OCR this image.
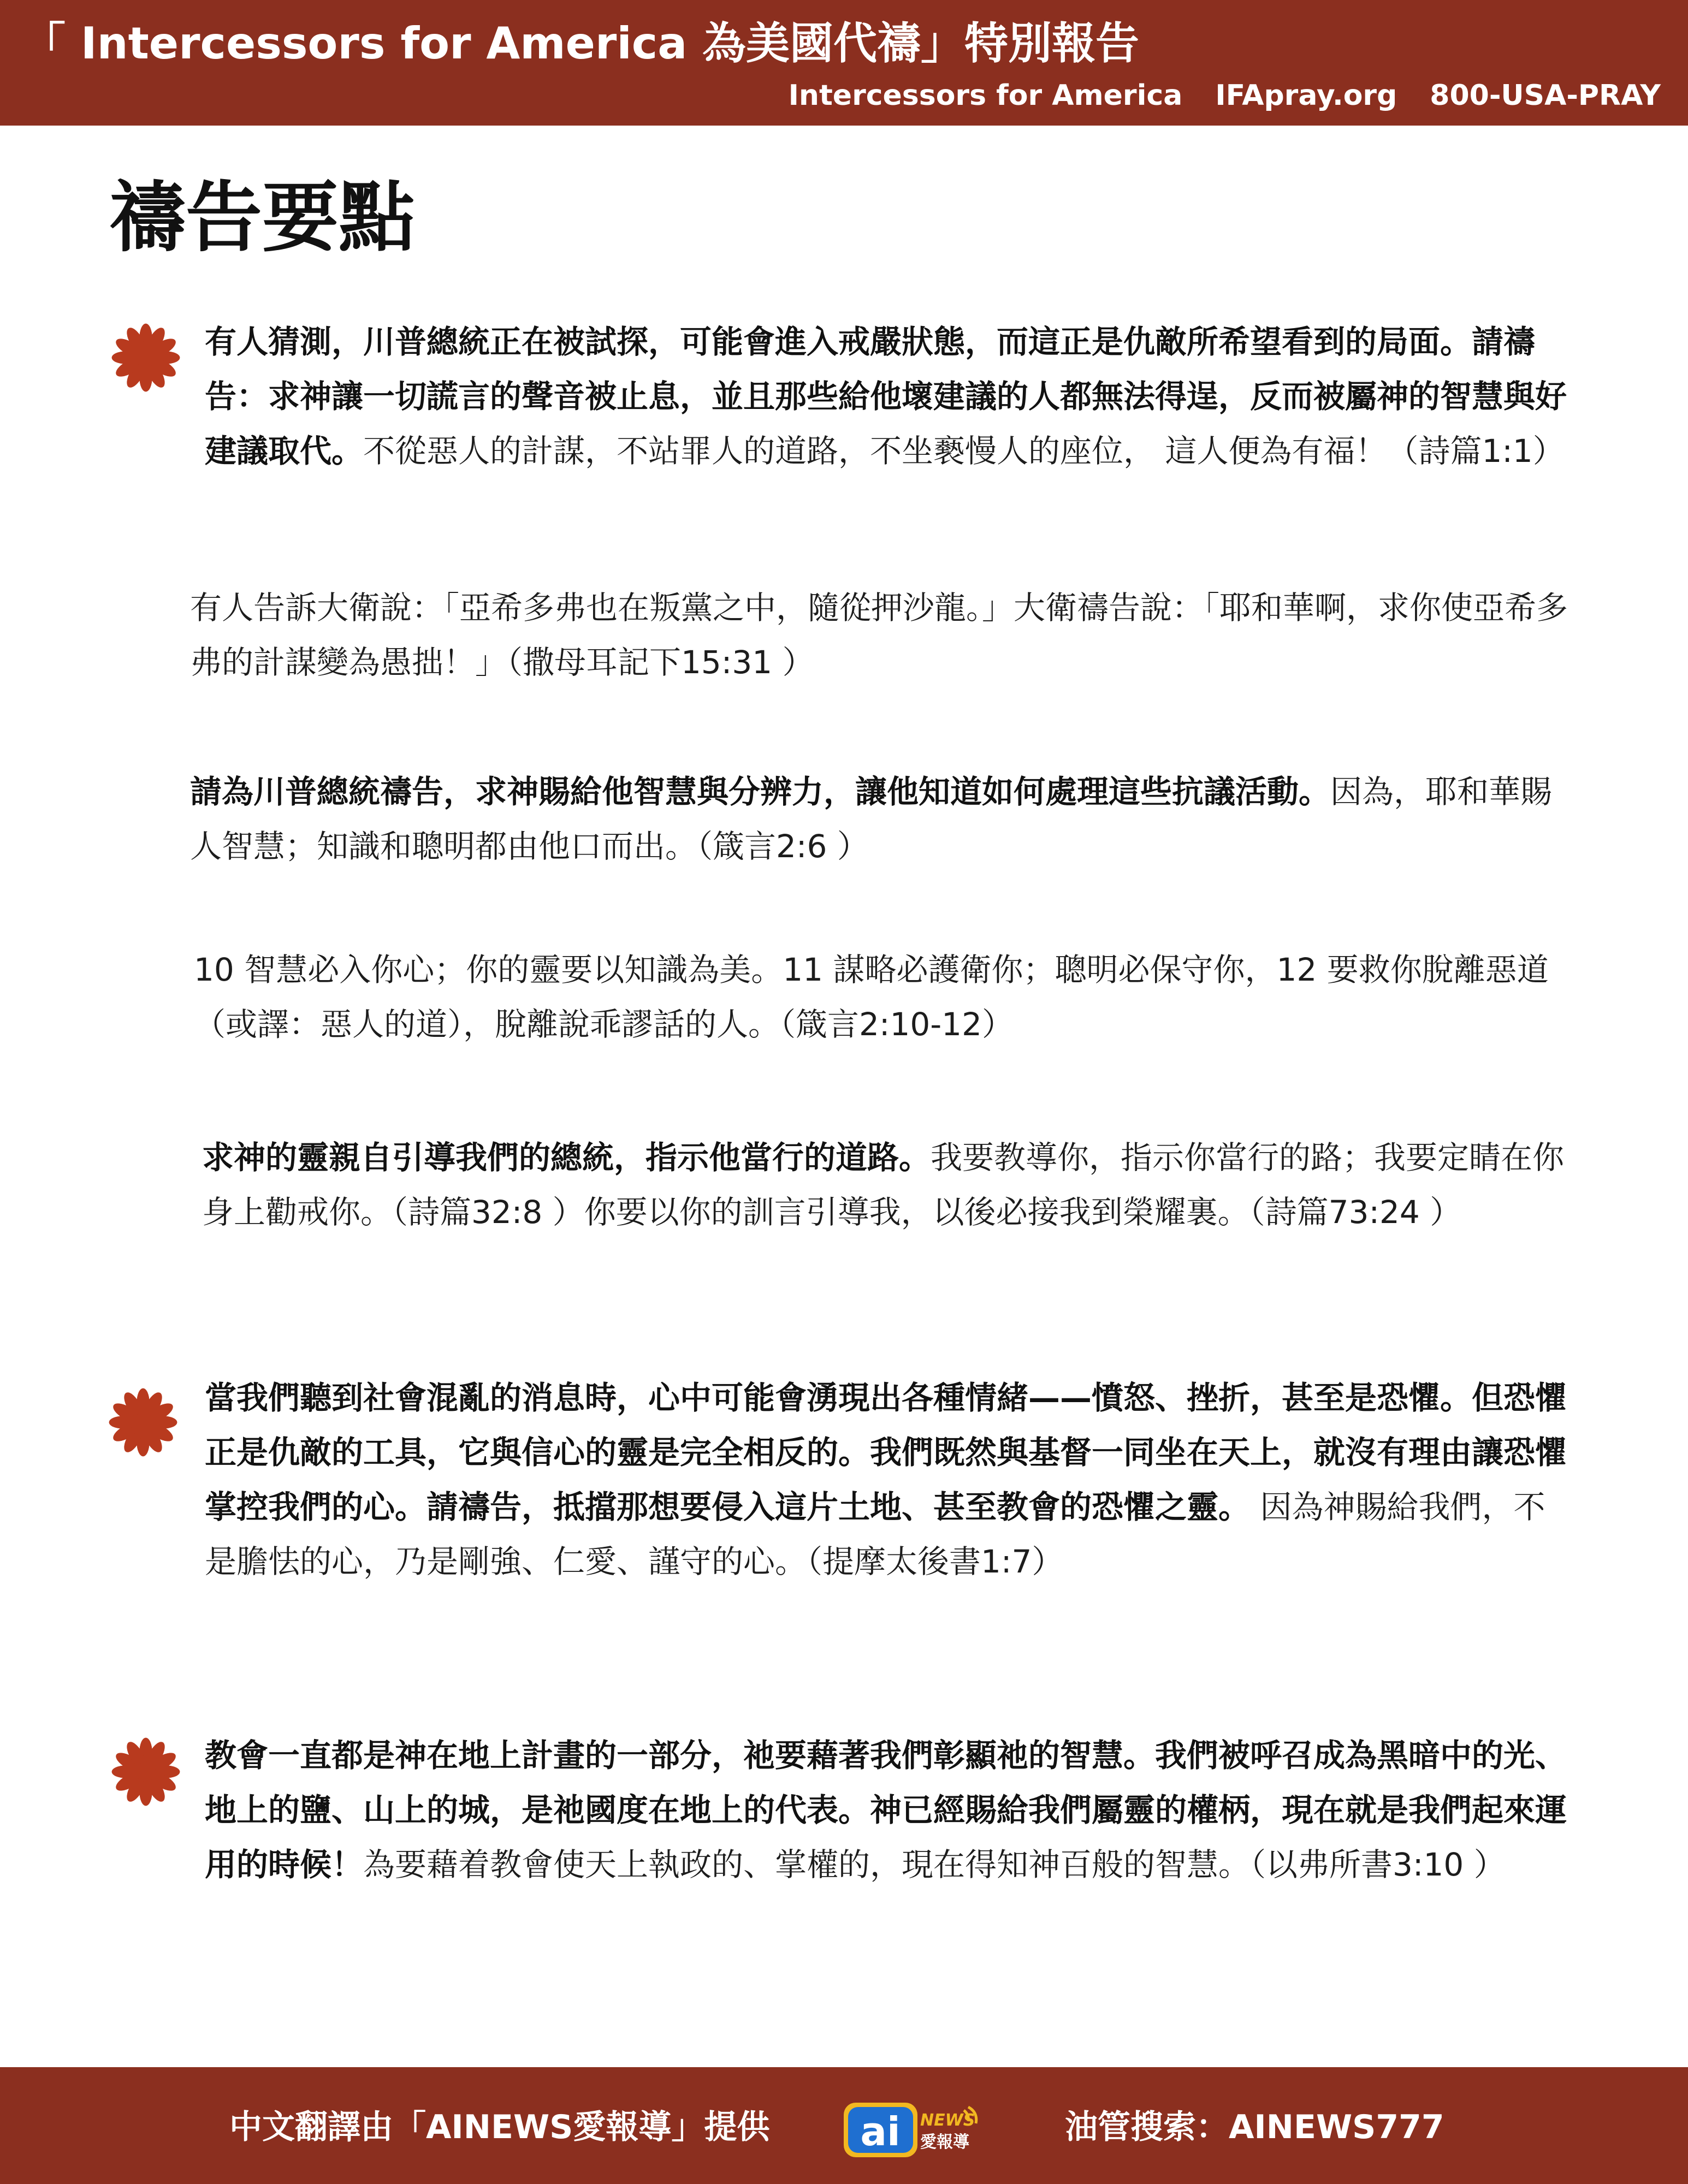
「 Intercessors for America 為美國代禱」特別報告
Intercessors for America IFApray.org 800-USA-PRAY
禱告要點
有人猜測，川普總統正在被試探，可能會進入戒嚴狀態，而這正是仇敵所希望看到的局面。請禱告：求神讓一切謊言的聲音被止息，並且那些給他壞建議的人都無法得逞，反而被屬神的智慧與好建議取代。不從惡人的計謀，不站罪人的道路，不坐褻慢人的座位， 這人便為有福！（詩篇1:1）
有人告訴大衛說：「亞希多弗也在叛黨之中，隨從押沙龍。」大衛禱告說：「耶和華啊，求你使亞希多弗的計謀變為愚拙！」（撒母耳記下15:31 ）
請為川普總統禱告，求神賜給他智慧與分辨力，讓他知道如何處理這些抗議活動。因為，耶和華賜人智慧；知識和聰明都由他口而出。（箴言2:6 ）
10 智慧必入你心；你的靈要以知識為美。11 謀略必護衛你；聰明必保守你，12 要救你脫離惡道（或譯：惡人的道），脫離說乖謬話的人。（箴言2:10-12）
求神的靈親自引導我們的總統，指示他當行的道路。我要教導你，指示你當行的路；我要定睛在你身上勸戒你。（詩篇32:8 ）你要以你的訓言引導我，以後必接我到榮耀裏。（詩篇73:24 ）
當我們聽到社會混亂的消息時，心中可能會湧現出各種情緒——憤怒、挫折，甚至是恐懼。但恐懼正是仇敵的工具，它與信心的靈是完全相反的。我們既然與基督一同坐在天上，就沒有理由讓恐懼掌控我們的心。請禱告，抵擋那想要侵入這片土地、甚至教會的恐懼之靈。 因為神賜給我們，不是膽怯的心，乃是剛強、仁愛、謹守的心。（提摩太後書1:7）
教會一直都是神在地上計畫的一部分，祂要藉著我們彰顯祂的智慧。我們被呼召成為黑暗中的光、地上的鹽、山上的城，是祂國度在地上的代表。神已經賜給我們屬靈的權柄，現在就是我們起來運用的時候！為要藉着教會使天上執政的、掌權的，現在得知神百般的智慧。（以弗所書3:10 ）
中文翻譯由「AINEWS愛報導」提供 ai NEWS
愛報導	油管搜索：AINEWS777
